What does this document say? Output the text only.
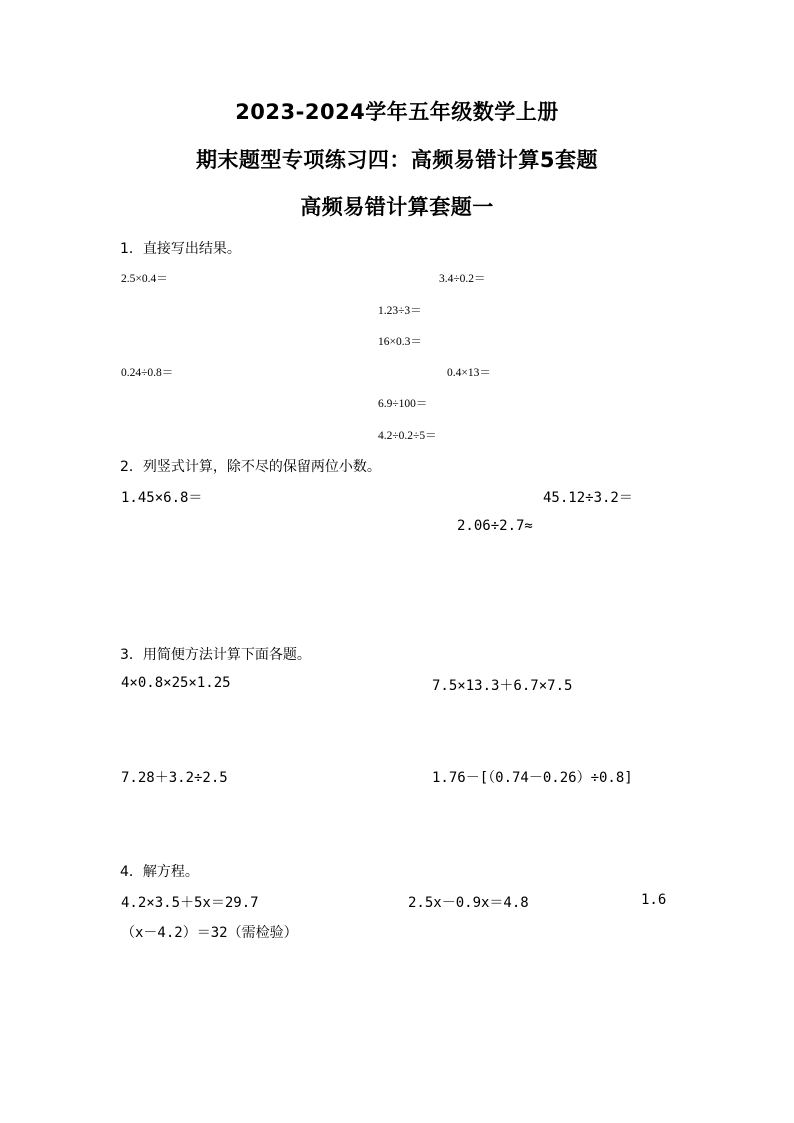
2023-2024学年五年级数学上册
期末题型专项练习四：高频易错计算5套题
高频易错计算套题一
1．直接写出结果。
2.5×0.4＝	3.4÷0.2＝
1.23÷3＝
16×0.3＝
0.24÷0.8＝	0.4×13＝
6.9÷100＝
4.2÷0.2÷5＝
2．列竖式计算，除不尽的保留两位小数。
1.45×6.8＝	45.12÷3.2＝
2.06÷2.7≈
3．用简便方法计算下面各题。
4×0.8×25×1.25	7.5×13.3＋6.7×7.5
7.28＋3.2÷2.5	1.76－[（0.74－0.26）÷0.8]
4．解方程。
4.2×3.5＋5x＝29.7	2.5x－0.9x＝4.8	1.6
（x－4.2）＝32（需检验）
